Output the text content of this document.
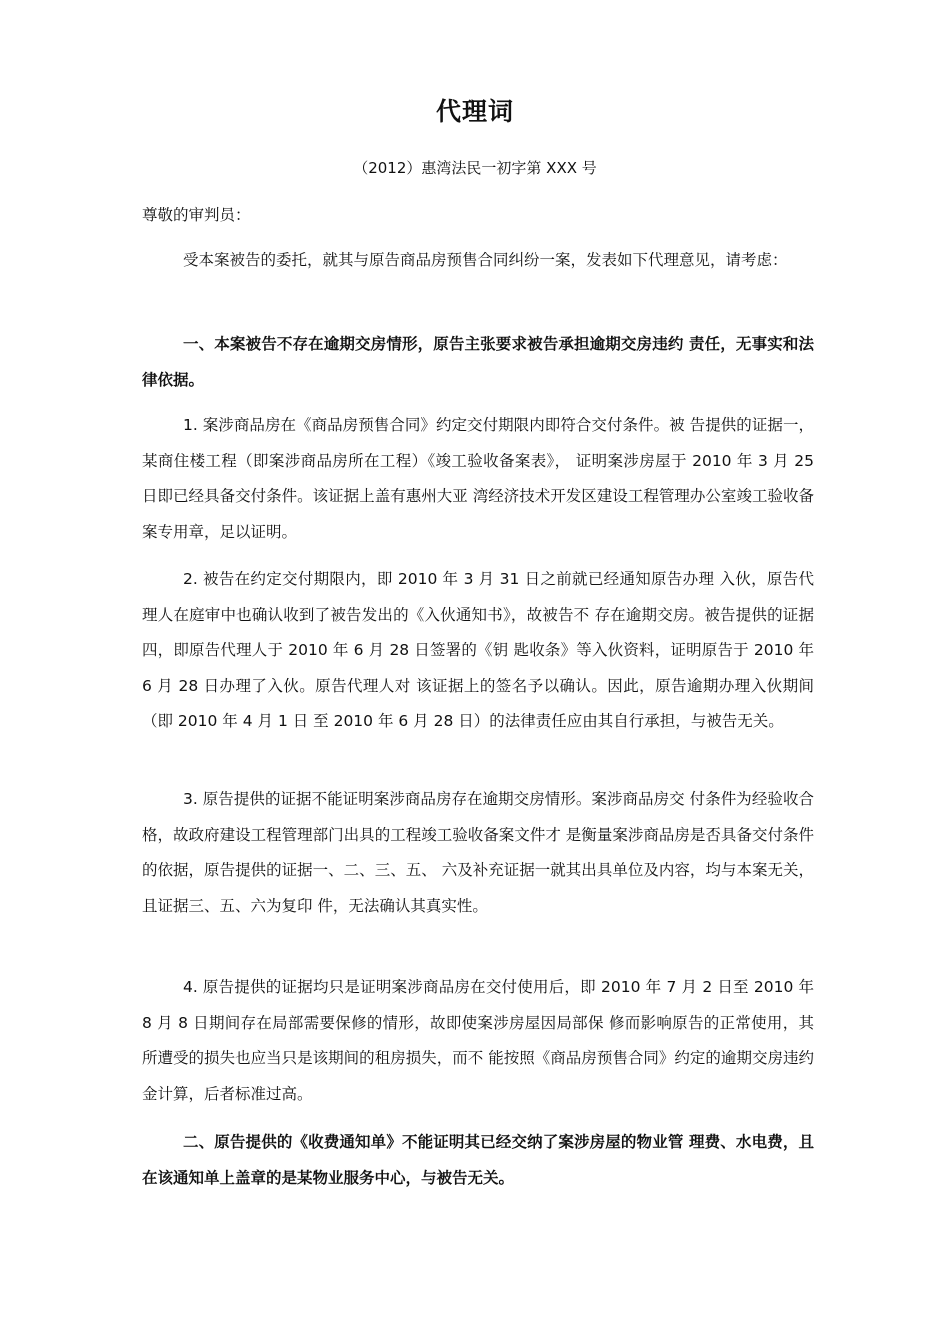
代理词
（2012）惠湾法民一初字第 XXX 号

尊敬的审判员：

受本案被告的委托，就其与原告商品房预售合同纠纷一案，发表如下代理意见，请考虑：

一、本案被告不存在逾期交房情形，原告主张要求被告承担逾期交房违约 责任，无事实和法律依据。

1. 案涉商品房在《商品房预售合同》约定交付期限内即符合交付条件。被 告提供的证据一，某商住楼工程（即案涉商品房所在工程）《竣工验收备案表》， 证明案涉房屋于 2010 年 3 月 25 日即已经具备交付条件。该证据上盖有惠州大亚 湾经济技术开发区建设工程管理办公室竣工验收备案专用章，足以证明。

2. 被告在约定交付期限内，即 2010 年 3 月 31 日之前就已经通知原告办理 入伙，原告代理人在庭审中也确认收到了被告发出的《入伙通知书》，故被告不 存在逾期交房。被告提供的证据四，即原告代理人于 2010 年 6 月 28 日签署的《钥 匙收条》等入伙资料，证明原告于 2010 年 6 月 28 日办理了入伙。原告代理人对 该证据上的签名予以确认。因此，原告逾期办理入伙期间（即 2010 年 4 月 1 日 至 2010 年 6 月 28 日）的法律责任应由其自行承担，与被告无关。

3. 原告提供的证据不能证明案涉商品房存在逾期交房情形。案涉商品房交 付条件为经验收合格，故政府建设工程管理部门出具的工程竣工验收备案文件才 是衡量案涉商品房是否具备交付条件的依据，原告提供的证据一、二、三、五、 六及补充证据一就其出具单位及内容，均与本案无关，且证据三、五、六为复印 件，无法确认其真实性。

4. 原告提供的证据均只是证明案涉商品房在交付使用后，即 2010 年 7 月 2 日至 2010 年 8 月 8 日期间存在局部需要保修的情形，故即使案涉房屋因局部保 修而影响原告的正常使用，其所遭受的损失也应当只是该期间的租房损失，而不 能按照《商品房预售合同》约定的逾期交房违约金计算，后者标准过高。

二、原告提供的《收费通知单》不能证明其已经交纳了案涉房屋的物业管 理费、水电费，且在该通知单上盖章的是某物业服务中心，与被告无关。
